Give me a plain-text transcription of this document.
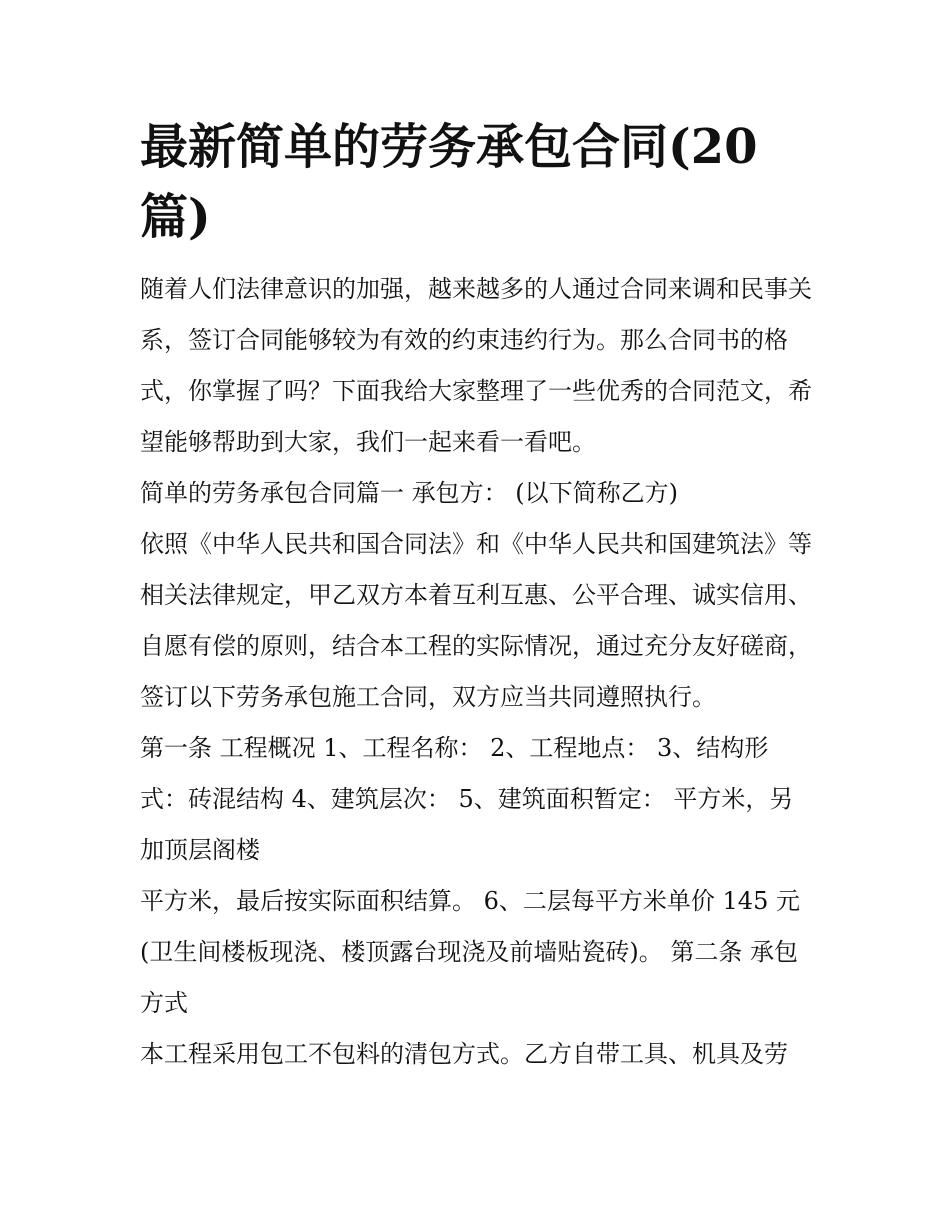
最新简单的劳务承包合同(20篇)

随着人们法律意识的加强，越来越多的人通过合同来调和民事关系，签订合同能够较为有效的约束违约行为。那么合同书的格式，你掌握了吗？下面我给大家整理了一些优秀的合同范文，希望能够帮助到大家，我们一起来看一看吧。

简单的劳务承包合同篇一 承包方： (以下简称乙方)

依照《中华人民共和国合同法》和《中华人民共和国建筑法》等相关法律规定，甲乙双方本着互利互惠、公平合理、诚实信用、自愿有偿的原则，结合本工程的实际情况，通过充分友好磋商，签订以下劳务承包施工合同，双方应当共同遵照执行。

第一条 工程概况 1、工程名称： 2、工程地点： 3、结构形式：砖混结构 4、建筑层次： 5、建筑面积暂定： 平方米，另加顶层阁楼

平方米，最后按实际面积结算。 6、二层每平方米单价 145 元(卫生间楼板现浇、楼顶露台现浇及前墙贴瓷砖)。 第二条 承包方式

本工程采用包工不包料的清包方式。乙方自带工具、机具及劳
